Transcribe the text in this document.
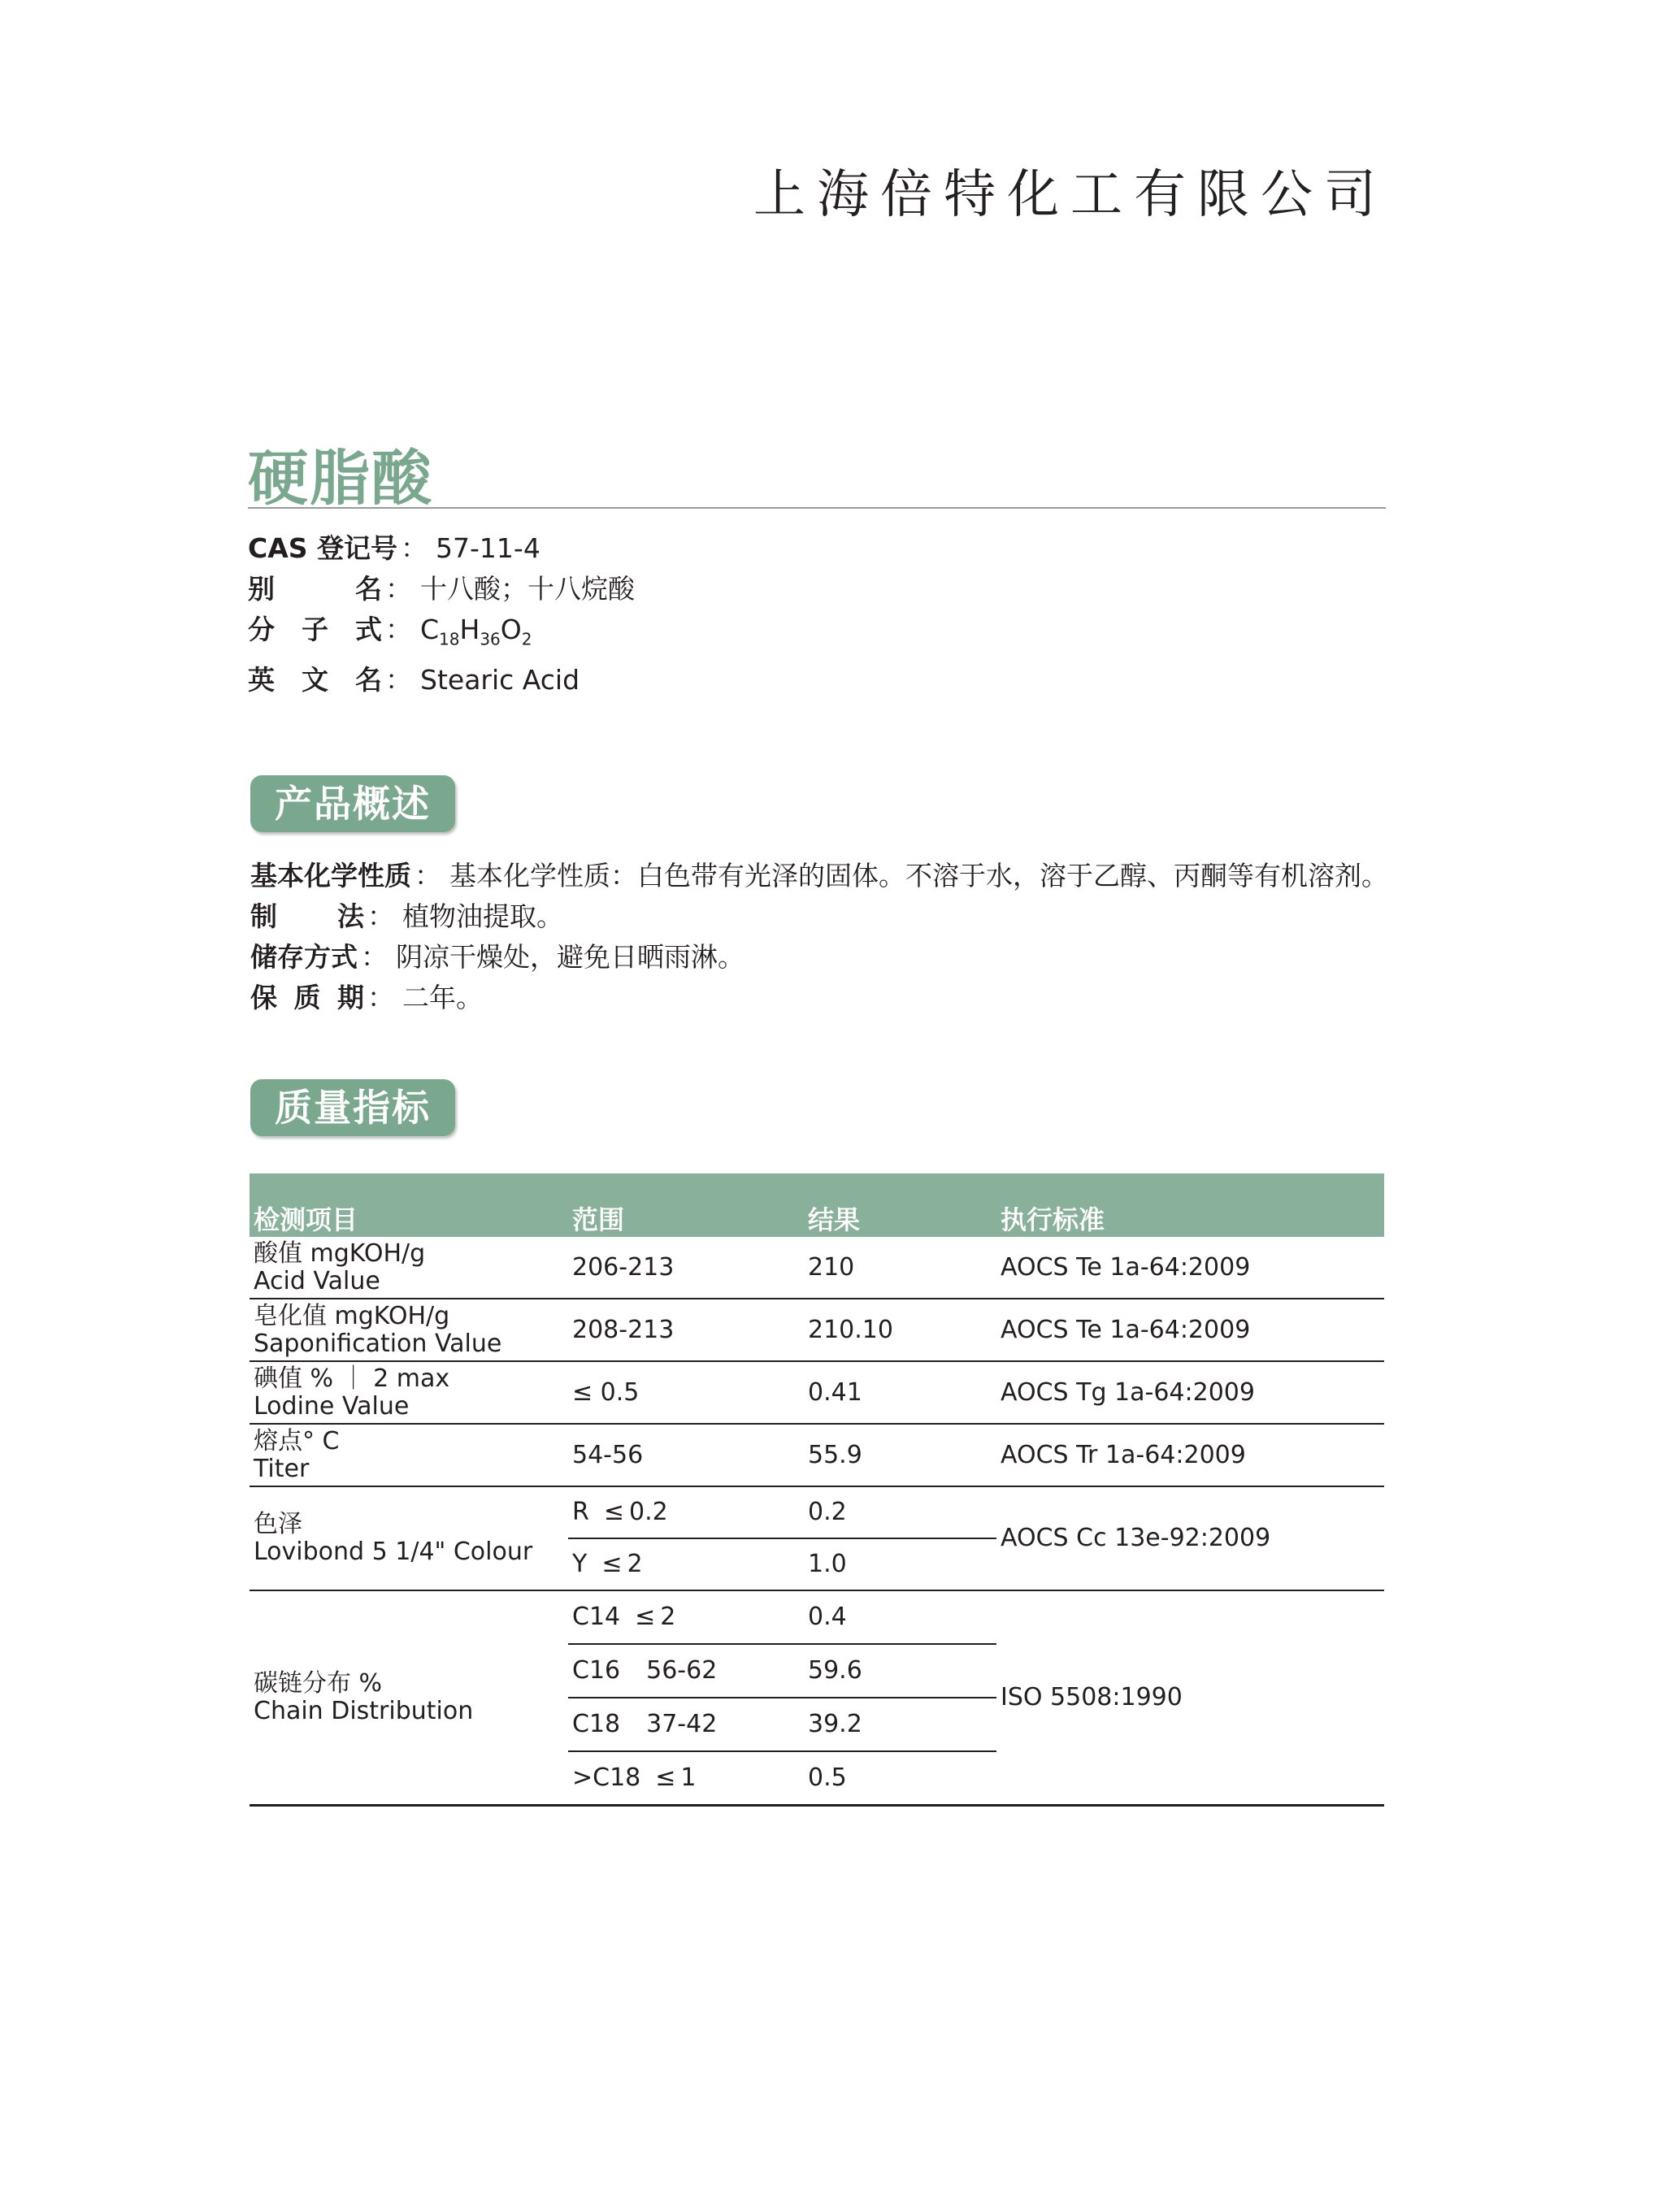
上海倍特化工有限公司
硬脂酸
CAS 登记号 ： 57-11-4
别名 ： 十八酸；十八烷酸
分子式 ： $C_{18}H_{36}O_2$
英文名 ： Stearic Acid
产品概述
基本化学性质 ： 基本化学性质：白色带有光泽的固体。不溶于水，溶于乙醇、丙酮等有机溶剂。
制法 ： 植物油提取。
储存方式 ： 阴凉干燥处，避免日晒雨淋。
保质期 ： 二年。
质量指标
检测项目	范围	结果	执行标准

酸值 mgKOH/g
Acid Value	206-213	210	AOCS Te 1a-64:2009

皂化值 mgKOH/g
Saponification Value	208-213	210.10	AOCS Te 1a-64:2009

碘值 % ｜ 2 max
Lodine Value	≤ 0.5	0.41	AOCS Tg 1a-64:2009

熔点° C
Titer	54-56	55.9	AOCS Tr 1a-64:2009

色泽
Lovibond 5 1/4" Colour	R ≤ 0.2	0.2	AOCS Cc 13e-92:2009
	Y ≤ 2	1.0	

碳链分布 %
Chain Distribution	C14 ≤ 2	0.4	ISO 5508:1990
	C16 56-62	59.6	
	C18 37-42	39.2	
	>C18 ≤ 1	0.5	
